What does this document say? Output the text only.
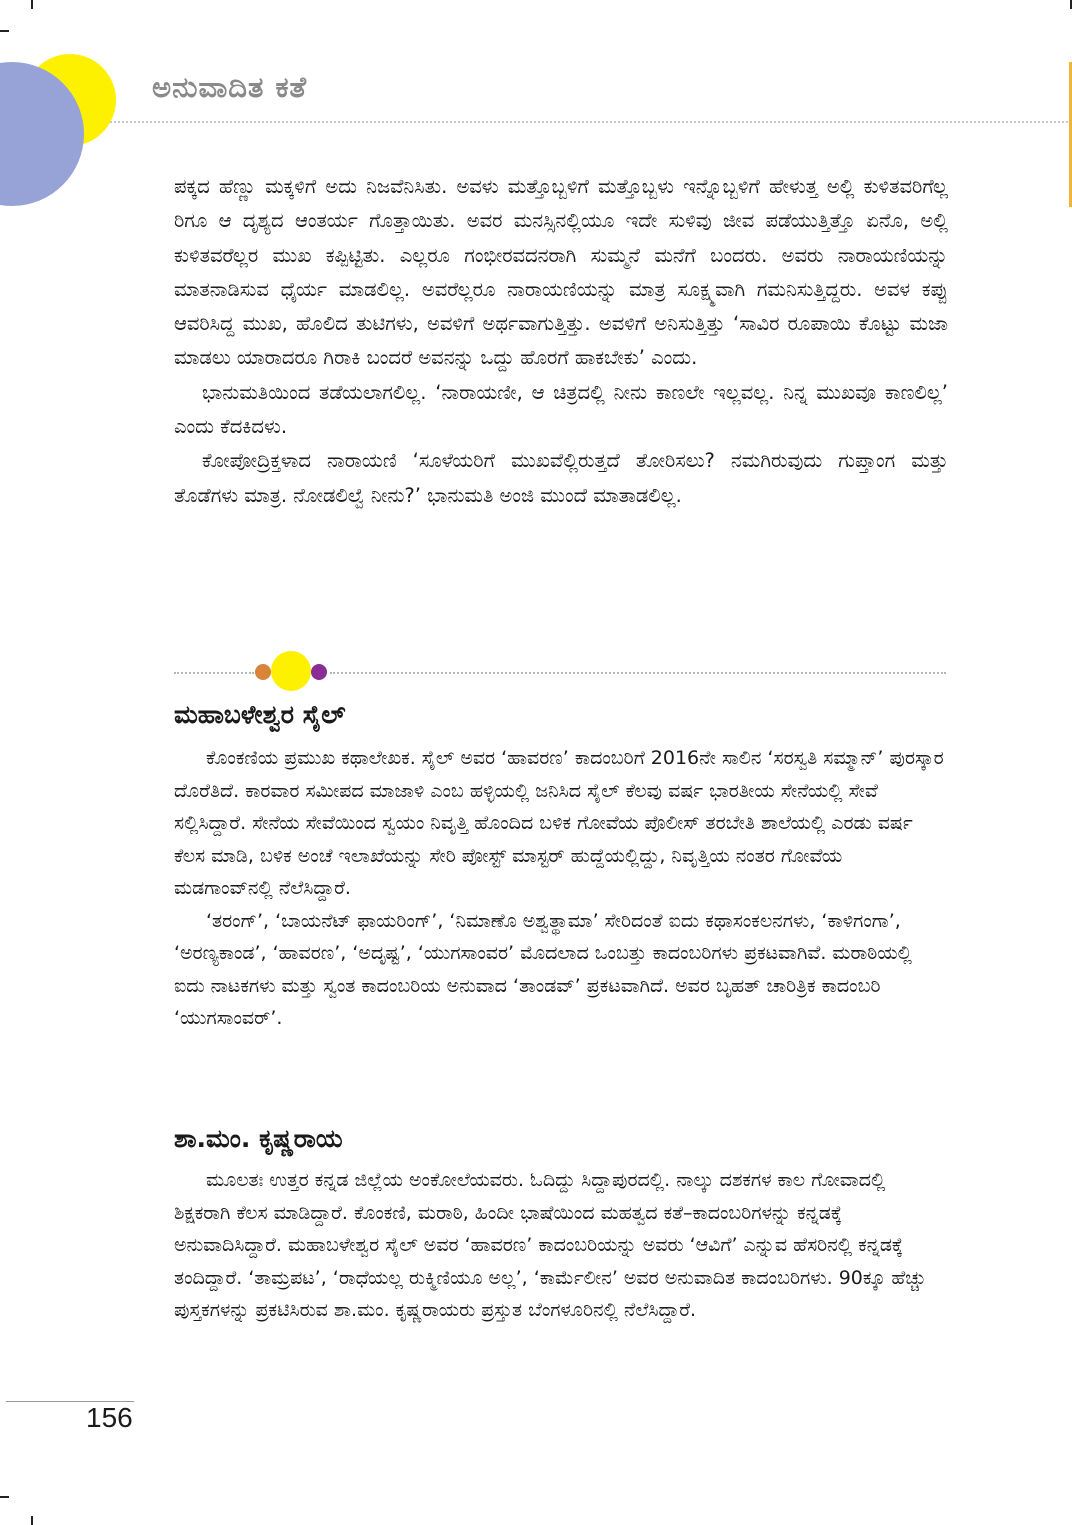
ಅನುವಾದಿತ ಕತೆ

ಪಕ್ಕದ ಹೆಣ್ಣು ಮಕ್ಕಳಿಗೆ ಅದು ನಿಜವೆನಿಸಿತು. ಅವಳು ಮತ್ತೊಬ್ಬಳಿಗೆ ಮತ್ತೊಬ್ಬಳು ಇನ್ನೊಬ್ಬಳಿಗೆ ಹೇಳುತ್ತ ಅಲ್ಲಿ ಕುಳಿತವರಿಗೆಲ್ಲ ರಿಗೂ ಆ ದೃಶ್ಯದ ಆಂತರ್ಯ ಗೊತ್ತಾಯಿತು. ಅವರ ಮನಸ್ಸಿನಲ್ಲಿಯೂ ಇದೇ ಸುಳಿವು ಜೀವ ಪಡೆಯುತ್ತಿತ್ತೊ ಏನೊ, ಅಲ್ಲಿ ಕುಳಿತವರೆಲ್ಲರ ಮುಖ ಕಪ್ಪಿಟ್ಟಿತು. ಎಲ್ಲರೂ ಗಂಭೀರವದನರಾಗಿ ಸುಮ್ಮನೆ ಮನೆಗೆ ಬಂದರು. ಅವರು ನಾರಾಯಣಿಯನ್ನು ಮಾತನಾಡಿಸುವ ಧೈರ್ಯ ಮಾಡಲಿಲ್ಲ. ಅವರೆಲ್ಲರೂ ನಾರಾಯಣಿಯನ್ನು ಮಾತ್ರ ಸೂಕ್ಷ್ಮವಾಗಿ ಗಮನಿಸುತ್ತಿದ್ದರು. ಅವಳ ಕಪ್ಪು ಆವರಿಸಿದ್ದ ಮುಖ, ಹೊಲಿದ ತುಟಿಗಳು, ಅವಳಿಗೆ ಅರ್ಥವಾಗುತ್ತಿತ್ತು. ಅವಳಿಗೆ ಅನಿಸುತ್ತಿತ್ತು ‘ಸಾವಿರ ರೂಪಾಯಿ ಕೊಟ್ಟು ಮಜಾ ಮಾಡಲು ಯಾರಾದರೂ ಗಿರಾಕಿ ಬಂದರೆ ಅವನನ್ನು ಒದ್ದು ಹೊರಗೆ ಹಾಕಬೇಕು’ ಎಂದು.

ಭಾನುಮತಿಯಿಂದ ತಡೆಯಲಾಗಲಿಲ್ಲ. ‘ನಾರಾಯಣೀ, ಆ ಚಿತ್ರದಲ್ಲಿ ನೀನು ಕಾಣಲೇ ಇಲ್ಲವಲ್ಲ. ನಿನ್ನ ಮುಖವೂ ಕಾಣಲಿಲ್ಲ’ ಎಂದು ಕೆದಕಿದಳು.

ಕೋಪೋದ್ರಿಕ್ತಳಾದ ನಾರಾಯಣಿ ‘ಸೂಳೆಯರಿಗೆ ಮುಖವೆಲ್ಲಿರುತ್ತದೆ ತೋರಿಸಲು? ನಮಗಿರುವುದು ಗುಪ್ತಾಂಗ ಮತ್ತು ತೊಡೆಗಳು ಮಾತ್ರ. ನೋಡಲಿಲ್ವೆ ನೀನು?’ ಭಾನುಮತಿ ಅಂಜಿ ಮುಂದೆ ಮಾತಾಡಲಿಲ್ಲ.

ಮಹಾಬಳೇಶ್ವರ ಸೈಲ್

ಕೊಂಕಣಿಯ ಪ್ರಮುಖ ಕಥಾಲೇಖಕ. ಸೈಲ್ ಅವರ ‘ಹಾವರಣ’ ಕಾದಂಬರಿಗೆ 2016ನೇ ಸಾಲಿನ ‘ಸರಸ್ವತಿ ಸಮ್ಮಾನ್’ ಪುರಸ್ಕಾರ ದೊರೆತಿದೆ. ಕಾರವಾರ ಸಮೀಪದ ಮಾಜಾಳಿ ಎಂಬ ಹಳ್ಳಿಯಲ್ಲಿ ಜನಿಸಿದ ಸೈಲ್ ಕೆಲವು ವರ್ಷ ಭಾರತೀಯ ಸೇನೆಯಲ್ಲಿ ಸೇವೆ ಸಲ್ಲಿಸಿದ್ದಾರೆ. ಸೇನೆಯ ಸೇವೆಯಿಂದ ಸ್ವಯಂ ನಿವೃತ್ತಿ ಹೊಂದಿದ ಬಳಿಕ ಗೋವೆಯ ಪೊಲೀಸ್ ತರಬೇತಿ ಶಾಲೆಯಲ್ಲಿ ಎರಡು ವರ್ಷ ಕೆಲಸ ಮಾಡಿ, ಬಳಿಕ ಅಂಚೆ ಇಲಾಖೆಯನ್ನು ಸೇರಿ ಪೋಸ್ಟ್ ಮಾಸ್ಟರ್ ಹುದ್ದೆಯಲ್ಲಿದ್ದು, ನಿವೃತ್ತಿಯ ನಂತರ ಗೋವೆಯ ಮಡಗಾಂವ್‌ನಲ್ಲಿ ನೆಲೆಸಿದ್ದಾರೆ.

‘ತರಂಗ್’, ‘ಬಾಯನೆಟ್ ಫಾಯರಿಂಗ್’, ‘ನಿಮಾಣೊ ಅಶ್ವತ್ಥಾಮಾ’ ಸೇರಿದಂತೆ ಐದು ಕಥಾಸಂಕಲನಗಳು, ‘ಕಾಳಿಗಂಗಾ’, ‘ಅರಣ್ಯಕಾಂಡ’, ‘ಹಾವರಣ’, ‘ಅದೃಷ್ಟ’, ‘ಯುಗಸಾಂವರ’ ಮೊದಲಾದ ಒಂಬತ್ತು ಕಾದಂಬರಿಗಳು ಪ್ರಕಟವಾಗಿವೆ. ಮರಾಠಿಯಲ್ಲಿ ಐದು ನಾಟಕಗಳು ಮತ್ತು ಸ್ವಂತ ಕಾದಂಬರಿಯ ಅನುವಾದ ‘ತಾಂಡವ್’ ಪ್ರಕಟವಾಗಿದೆ. ಅವರ ಬೃಹತ್ ಚಾರಿತ್ರಿಕ ಕಾದಂಬರಿ ‘ಯುಗಸಾಂವರ್’.

ಶಾ.ಮಂ. ಕೃಷ್ಣರಾಯ

ಮೂಲತಃ ಉತ್ತರ ಕನ್ನಡ ಜಿಲ್ಲೆಯ ಅಂಕೋಲೆಯವರು. ಓದಿದ್ದು ಸಿದ್ದಾಪುರದಲ್ಲಿ. ನಾಲ್ಕು ದಶಕಗಳ ಕಾಲ ಗೋವಾದಲ್ಲಿ ಶಿಕ್ಷಕರಾಗಿ ಕೆಲಸ ಮಾಡಿದ್ದಾರೆ. ಕೊಂಕಣಿ, ಮರಾಠಿ, ಹಿಂದೀ ಭಾಷೆಯಿಂದ ಮಹತ್ವದ ಕತೆ–ಕಾದಂಬರಿಗಳನ್ನು ಕನ್ನಡಕ್ಕೆ ಅನುವಾದಿಸಿದ್ದಾರೆ. ಮಹಾಬಳೇಶ್ವರ ಸೈಲ್ ಅವರ ‘ಹಾವರಣ’ ಕಾದಂಬರಿಯನ್ನು ಅವರು ‘ಆವಿಗೆ’ ಎನ್ನುವ ಹೆಸರಿನಲ್ಲಿ ಕನ್ನಡಕ್ಕೆ ತಂದಿದ್ದಾರೆ. ‘ತಾಮ್ರಪಟ’, ‘ರಾಧೆಯಲ್ಲ ರುಕ್ಮಿಣಿಯೂ ಅಲ್ಲ’, ‘ಕಾರ್ಮೆಲೀನ’ ಅವರ ಅನುವಾದಿತ ಕಾದಂಬರಿಗಳು. 90ಕ್ಕೂ ಹೆಚ್ಚು ಪುಸ್ತಕಗಳನ್ನು ಪ್ರಕಟಿಸಿರುವ ಶಾ.ಮಂ. ಕೃಷ್ಣರಾಯರು ಪ್ರಸ್ತುತ ಬೆಂಗಳೂರಿನಲ್ಲಿ ನೆಲೆಸಿದ್ದಾರೆ.

156
